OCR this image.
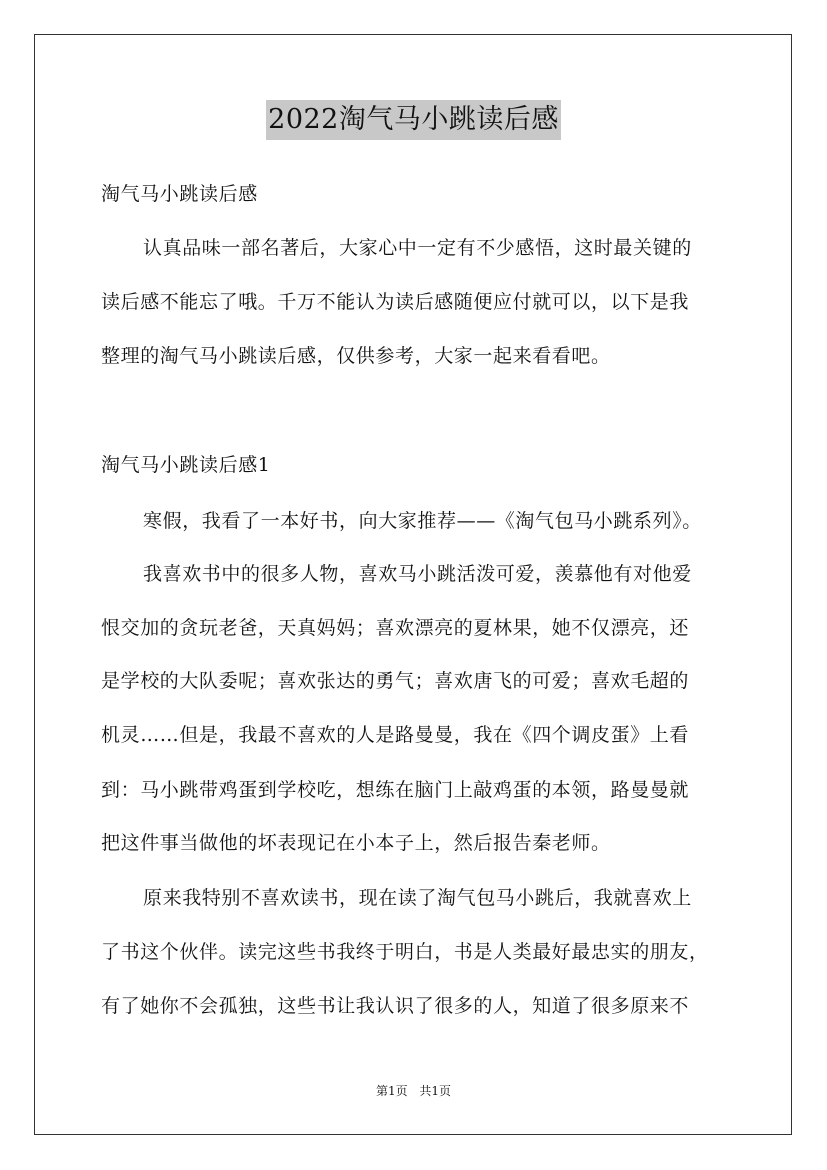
2022淘气马小跳读后感
淘气马小跳读后感
认真品味一部名著后，大家心中一定有不少感悟，这时最关键的
读后感不能忘了哦。千万不能认为读后感随便应付就可以，以下是我
整理的淘气马小跳读后感，仅供参考，大家一起来看看吧。
淘气马小跳读后感1
寒假，我看了一本好书，向大家推荐——《淘气包马小跳系列》。
我喜欢书中的很多人物，喜欢马小跳活泼可爱，羡慕他有对他爱
恨交加的贪玩老爸，天真妈妈；喜欢漂亮的夏林果，她不仅漂亮，还
是学校的大队委呢；喜欢张达的勇气；喜欢唐飞的可爱；喜欢毛超的
机灵……但是，我最不喜欢的人是路曼曼，我在《四个调皮蛋》上看
到：马小跳带鸡蛋到学校吃，想练在脑门上敲鸡蛋的本领，路曼曼就
把这件事当做他的坏表现记在小本子上，然后报告秦老师。
原来我特别不喜欢读书，现在读了淘气包马小跳后，我就喜欢上
了书这个伙伴。读完这些书我终于明白，书是人类最好最忠实的朋友，
有了她你不会孤独，这些书让我认识了很多的人，知道了很多原来不
第1页 共1页
